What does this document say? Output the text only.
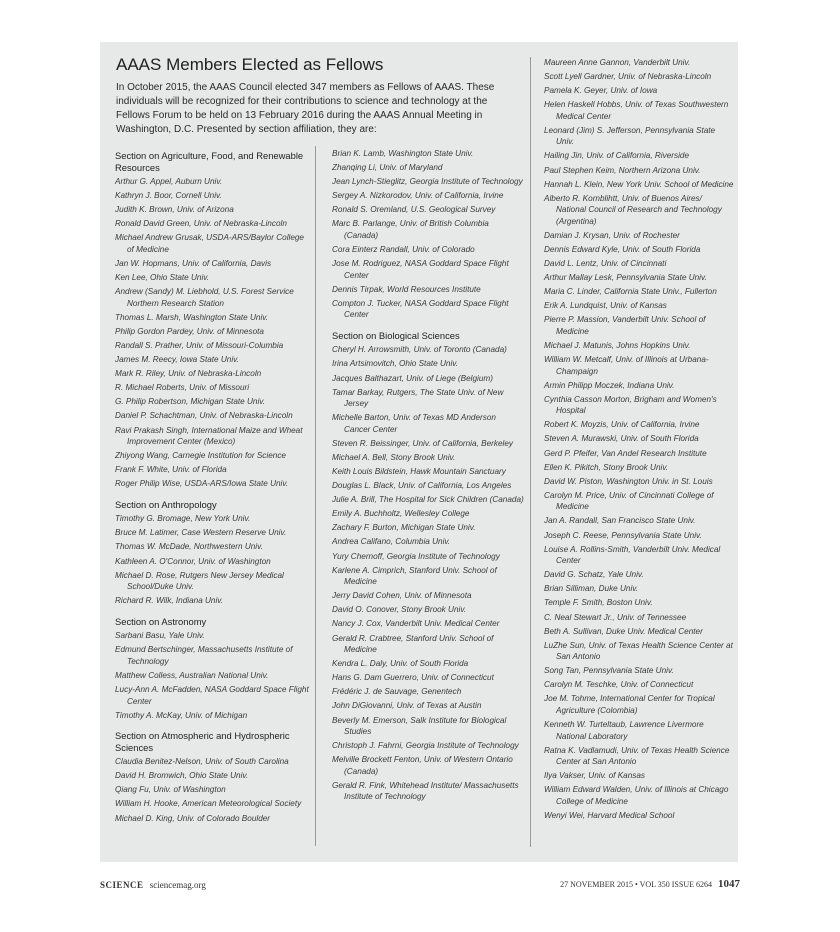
AAAS Members Elected as Fellows

In October 2015, the AAAS Council elected 347 members as Fellows of AAAS. These individuals will be recognized for their contributions to science and technology at the Fellows Forum to be held on 13 February 2016 during the AAAS Annual Meeting in Washington, D.C. Presented by section affiliation, they are:

Section on Agriculture, Food, and Renewable Resources
Arthur G. Appel, Auburn Univ.
Kathryn J. Boor, Cornell Univ.
Judith K. Brown, Univ. of Arizona
Ronald David Green, Univ. of Nebraska-Lincoln
Michael Andrew Grusak, USDA-ARS/Baylor College of Medicine
Jan W. Hopmans, Univ. of California, Davis
Ken Lee, Ohio State Univ.
Andrew (Sandy) M. Liebhold, U.S. Forest Service Northern Research Station
Thomas L. Marsh, Washington State Univ.
Philip Gordon Pardey, Univ. of Minnesota
Randall S. Prather, Univ. of Missouri-Columbia
James M. Reecy, Iowa State Univ.
Mark R. Riley, Univ. of Nebraska-Lincoln
R. Michael Roberts, Univ. of Missouri
G. Philip Robertson, Michigan State Univ.
Daniel P. Schachtman, Univ. of Nebraska-Lincoln
Ravi Prakash Singh, International Maize and Wheat Improvement Center (Mexico)
Zhiyong Wang, Carnegie Institution for Science
Frank F. White, Univ. of Florida
Roger Philip Wise, USDA-ARS/Iowa State Univ.
Section on Anthropology
Timothy G. Bromage, New York Univ.
Bruce M. Latimer, Case Western Reserve Univ.
Thomas W. McDade, Northwestern Univ.
Kathleen A. O'Connor, Univ. of Washington
Michael D. Rose, Rutgers New Jersey Medical School/Duke Univ.
Richard R. Wilk, Indiana Univ.
Section on Astronomy
Sarbani Basu, Yale Univ.
Edmund Bertschinger, Massachusetts Institute of Technology
Matthew Colless, Australian National Univ.
Lucy-Ann A. McFadden, NASA Goddard Space Flight Center
Timothy A. McKay, Univ. of Michigan
Section on Atmospheric and Hydrospheric Sciences
Claudia Benitez-Nelson, Univ. of South Carolina
David H. Bromwich, Ohio State Univ.
Qiang Fu, Univ. of Washington
William H. Hooke, American Meteorological Society
Michael D. King, Univ. of Colorado Boulder
Brian K. Lamb, Washington State Univ.
Zhanqing Li, Univ. of Maryland
Jean Lynch-Stieglitz, Georgia Institute of Technology
Sergey A. Nizkorodov, Univ. of California, Irvine
Ronald S. Oremland, U.S. Geological Survey
Marc B. Parlange, Univ. of British Columbia (Canada)
Cora Einterz Randall, Univ. of Colorado
Jose M. Rodriguez, NASA Goddard Space Flight Center
Dennis Tirpak, World Resources Institute
Compton J. Tucker, NASA Goddard Space Flight Center
Section on Biological Sciences
Cheryl H. Arrowsmith, Univ. of Toronto (Canada)
Irina Artsimovitch, Ohio State Univ.
Jacques Balthazart, Univ. of Liege (Belgium)
Tamar Barkay, Rutgers, The State Univ. of New Jersey
Michelle Barton, Univ. of Texas MD Anderson Cancer Center
Steven R. Beissinger, Univ. of California, Berkeley
Michael A. Bell, Stony Brook Univ.
Keith Louis Bildstein, Hawk Mountain Sanctuary
Douglas L. Black, Univ. of California, Los Angeles
Julie A. Brill, The Hospital for Sick Children (Canada)
Emily A. Buchholtz, Wellesley College
Zachary F. Burton, Michigan State Univ.
Andrea Califano, Columbia Univ.
Yury Chernoff, Georgia Institute of Technology
Karlene A. Cimprich, Stanford Univ. School of Medicine
Jerry David Cohen, Univ. of Minnesota
David O. Conover, Stony Brook Univ.
Nancy J. Cox, Vanderbilt Univ. Medical Center
Gerald R. Crabtree, Stanford Univ. School of Medicine
Kendra L. Daly, Univ. of South Florida
Hans G. Dam Guerrero, Univ. of Connecticut
Frédéric J. de Sauvage, Genentech
John DiGiovanni, Univ. of Texas at Austin
Beverly M. Emerson, Salk Institute for Biological Studies
Christoph J. Fahrni, Georgia Institute of Technology
Melville Brockett Fenton, Univ. of Western Ontario (Canada)
Gerald R. Fink, Whitehead Institute/ Massachusetts Institute of Technology
Maureen Anne Gannon, Vanderbilt Univ.
Scott Lyell Gardner, Univ. of Nebraska-Lincoln
Pamela K. Geyer, Univ. of Iowa
Helen Haskell Hobbs, Univ. of Texas Southwestern Medical Center
Leonard (Jim) S. Jefferson, Pennsylvania State Univ.
Hailing Jin, Univ. of California, Riverside
Paul Stephen Keim, Northern Arizona Univ.
Hannah L. Klein, New York Univ. School of Medicine
Alberto R. Kornblihtt, Univ. of Buenos Aires/ National Council of Research and Technology (Argentina)
Damian J. Krysan, Univ. of Rochester
Dennis Edward Kyle, Univ. of South Florida
David L. Lentz, Univ. of Cincinnati
Arthur Mallay Lesk, Pennsylvania State Univ.
Maria C. Linder, California State Univ., Fullerton
Erik A. Lundquist, Univ. of Kansas
Pierre P. Massion, Vanderbilt Univ. School of Medicine
Michael J. Matunis, Johns Hopkins Univ.
William W. Metcalf, Univ. of Illinois at Urbana-Champaign
Armin Philipp Moczek, Indiana Univ.
Cynthia Casson Morton, Brigham and Women's Hospital
Robert K. Moyzis, Univ. of California, Irvine
Steven A. Murawski, Univ. of South Florida
Gerd P. Pfeifer, Van Andel Research Institute
Ellen K. Pikitch, Stony Brook Univ.
David W. Piston, Washington Univ. in St. Louis
Carolyn M. Price, Univ. of Cincinnati College of Medicine
Jan A. Randall, San Francisco State Univ.
Joseph C. Reese, Pennsylvania State Univ.
Louise A. Rollins-Smith, Vanderbilt Univ. Medical Center
David G. Schatz, Yale Univ.
Brian Silliman, Duke Univ.
Temple F. Smith, Boston Univ.
C. Neal Stewart Jr., Univ. of Tennessee
Beth A. Sullivan, Duke Univ. Medical Center
LuZhe Sun, Univ. of Texas Health Science Center at San Antonio
Song Tan, Pennsylvania State Univ.
Carolyn M. Teschke, Univ. of Connecticut
Joe M. Tohme, International Center for Tropical Agriculture (Colombia)
Kenneth W. Turteltaub, Lawrence Livermore National Laboratory
Ratna K. Vadlamudi, Univ. of Texas Health Science Center at San Antonio
Ilya Vakser, Univ. of Kansas
William Edward Walden, Univ. of Illinois at Chicago College of Medicine
Wenyi Wei, Harvard Medical School
SCIENCE sciencemag.org	27 NOVEMBER 2015 • VOL 350 ISSUE 6264 1047
